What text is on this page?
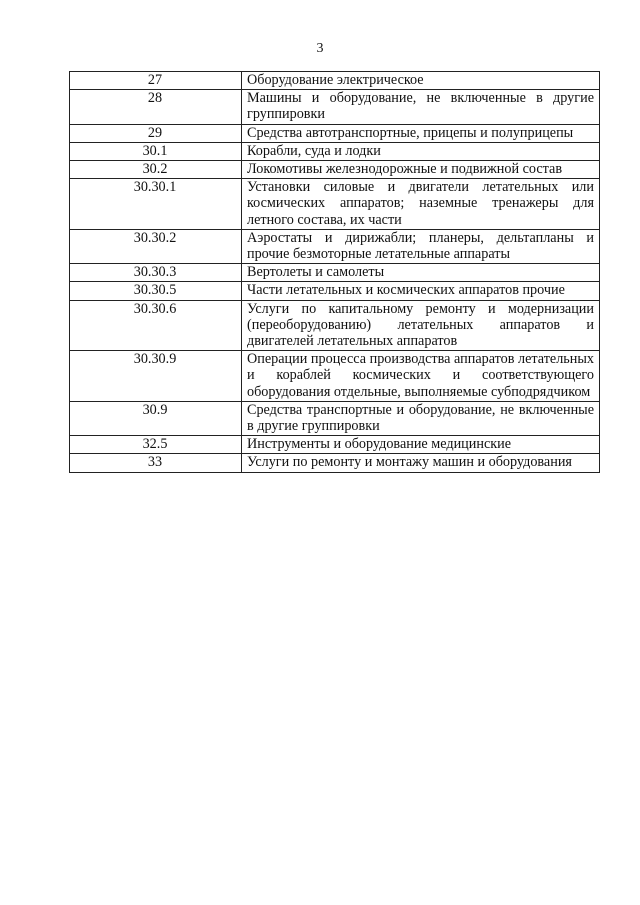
3
27	Оборудование электрическое
28	Машины и оборудование, не включенные в другие группировки
29	Средства автотранспортные, прицепы и полуприцепы
30.1	Корабли, суда и лодки
30.2	Локомотивы железнодорожные и подвижной состав
30.30.1	Установки силовые и двигатели летательных или космических аппаратов; наземные тренажеры для летного состава, их части
30.30.2	Аэростаты и дирижабли; планеры, дельтапланы и прочие безмоторные летательные аппараты
30.30.3	Вертолеты и самолеты
30.30.5	Части летательных и космических аппаратов прочие
30.30.6	Услуги по капитальному ремонту и модернизации (переоборудованию) летательных аппаратов и двигателей летательных аппаратов
30.30.9	Операции процесса производства аппаратов летательных и кораблей космических и соответствующего оборудования отдельные, выполняемые субподрядчиком
30.9	Средства транспортные и оборудование, не включенные в другие группировки
32.5	Инструменты и оборудование медицинские
33	Услуги по ремонту и монтажу машин и оборудования
